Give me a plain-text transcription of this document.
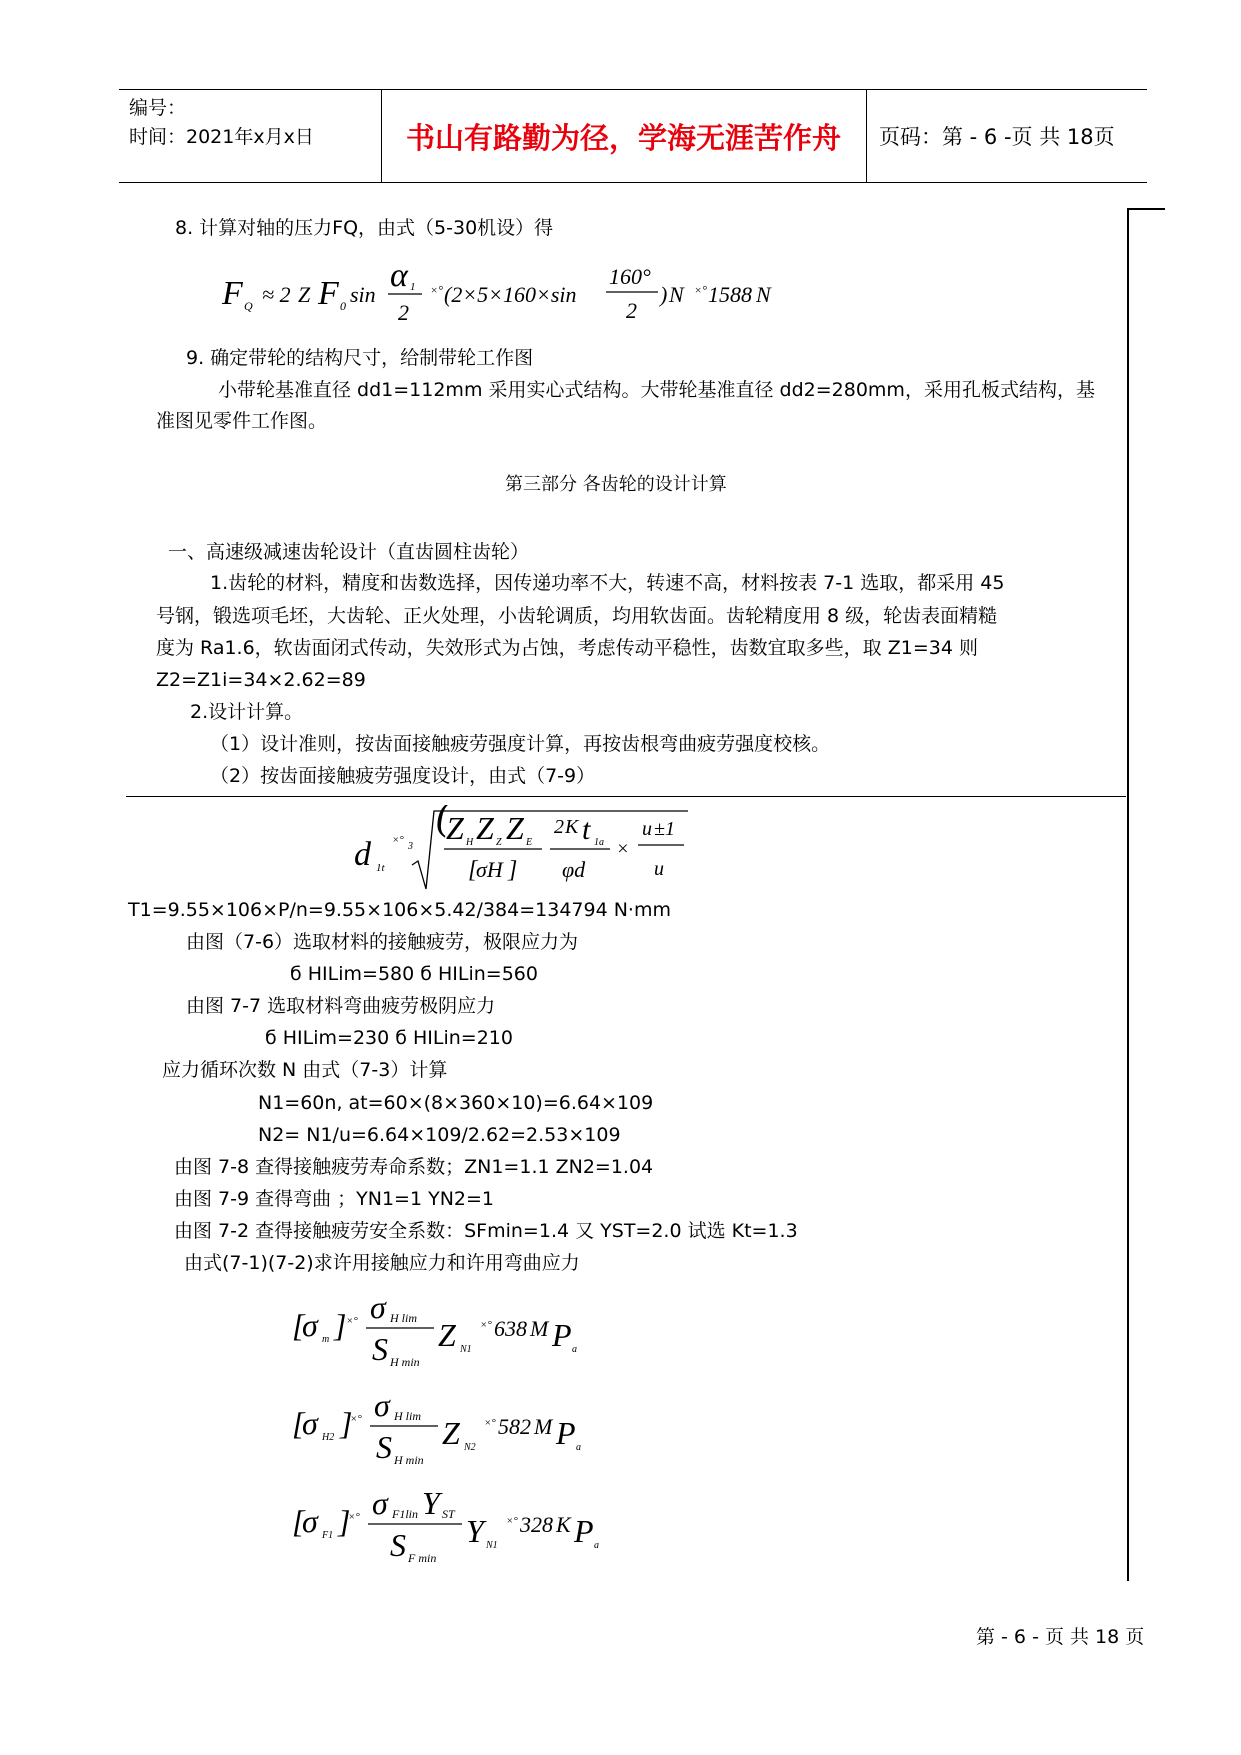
编号：
时间：2021年x月x日	书山有路勤为径，学海无涯苦作舟	页码：第 - 6 -页 共 18页
8. 计算对轴的压力FQ，由式（5-30机设）得
F Q ≈ 2 Z F 0 sin
α 1
2
×° (2×5×160×sin
160°
2
) N ×° 1588 N
9. 确定带轮的结构尺寸，给制带轮工作图
小带轮基准直径 dd1=112mm 采用实心式结构。大带轮基准直径 dd2=280mm，采用孔板式结构，基
准图见零件工作图。
第三部分 各齿轮的设计计算
一、高速级减速齿轮设计（直齿圆柱齿轮）
1.齿轮的材料，精度和齿数选择，因传递功率不大，转速不高，材料按表 7-1 选取，都采用 45
号钢，锻选项毛坯，大齿轮、正火处理，小齿轮调质，均用软齿面。齿轮精度用 8 级，轮齿表面精糙
度为 Ra1.6，软齿面闭式传动，失效形式为占蚀，考虑传动平稳性，齿数宜取多些，取 Z1=34 则
Z2=Z1i=34×2.62=89
2.设计计算。
（1）设计准则，按齿面接触疲劳强度计算，再按齿根弯曲疲劳强度校核。
（2）按齿面接触疲劳强度设计，由式（7-9）
d 1t
×°
3
(
Z H Z Z Z E
[
σH ]
2 K t 1a
φd
×
u ±1
u
T1=9.55×106×P/n=9.55×106×5.42/384=134794 N·mm
由图（7-6）选取材料的接触疲劳，极限应力为
б HILim=580 б HILin=560
由图 7-7 选取材料弯曲疲劳极阴应力
б HILim=230 б HILin=210
应力循环次数 N 由式（7-3）计算
N1=60n, at=60×(8×360×10)=6.64×109
N2= N1/u=6.64×109/2.62=2.53×109
由图 7-8 查得接触疲劳寿命系数；ZN1=1.1 ZN2=1.04
由图 7-9 查得弯曲 ；YN1=1 YN2=1
由图 7-2 查得接触疲劳安全系数：SFmin=1.4 又 YST=2.0 试选 Kt=1.3
由式(7-1)(7-2)求许用接触应力和许用弯曲应力
[
σ m ] ×° σ H lim
S H min
Z N1
×° 638 M P a
[
σ H2 ]
×° σ H lim
S H min
Z N2
×° 582 M P a
[
σ F1 ]
×° σ F1lin Y ST
S F min
Y N1
×° 328 K P a
第 - 6 - 页 共 18 页
